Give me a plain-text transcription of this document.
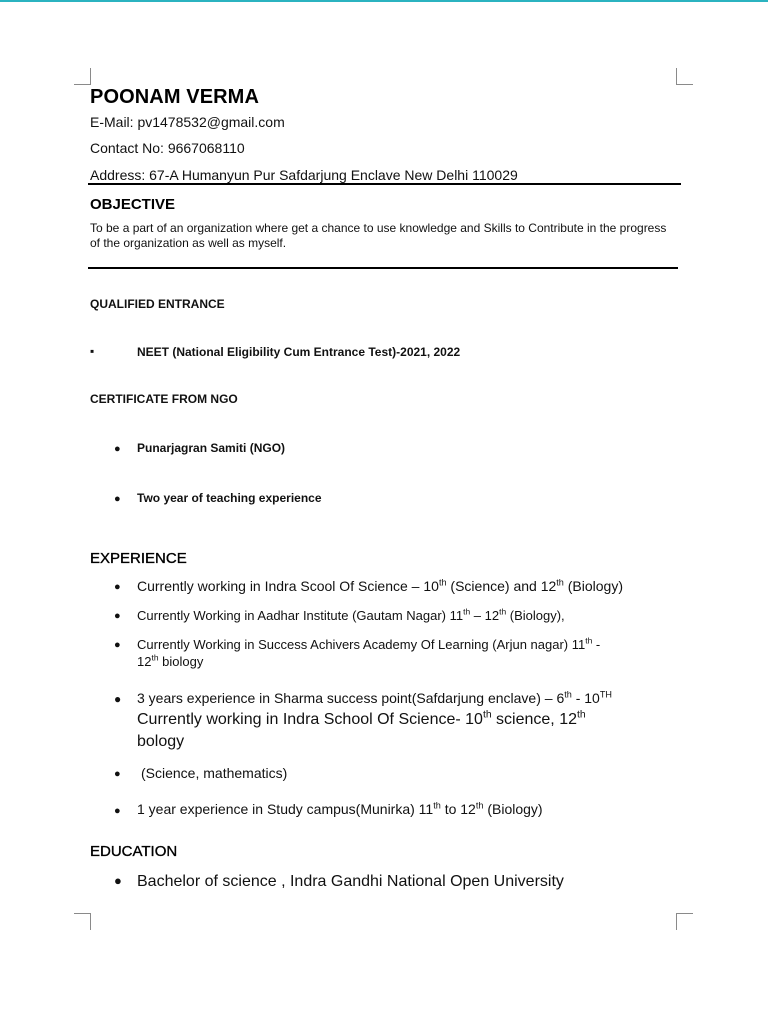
POONAM VERMA
E-Mail: pv1478532@gmail.com
Contact No: 9667068110
Address: 67-A Humanyun Pur Safdarjung Enclave New Delhi 110029
OBJECTIVE
To be a part of an organization where get a chance to use knowledge and Skills to Contribute in the progress of the organization as well as myself.
QUALIFIED ENTRANCE
▪	NEET (National Eligibility Cum Entrance Test)-2021, 2022
CERTIFICATE FROM NGO
● Punarjagran Samiti (NGO)
● Two year of teaching experience
EXPERIENCE
● Currently working in Indra Scool Of Science – 10th (Science) and 12th (Biology)
● Currently Working in Aadhar Institute (Gautam Nagar) 11th – 12th (Biology),
● Currently Working in Success Achivers Academy Of Learning (Arjun nagar) 11th -
12th biology
● 3 years experience in Sharma success point(Safdarjung enclave) – 6th - 10TH
Currently working in Indra School Of Science- 10th science, 12th
bology
● (Science, mathematics)
● 1 year experience in Study campus(Munirka) 11th to 12th (Biology)
EDUCATION
● Bachelor of science , Indra Gandhi National Open University
